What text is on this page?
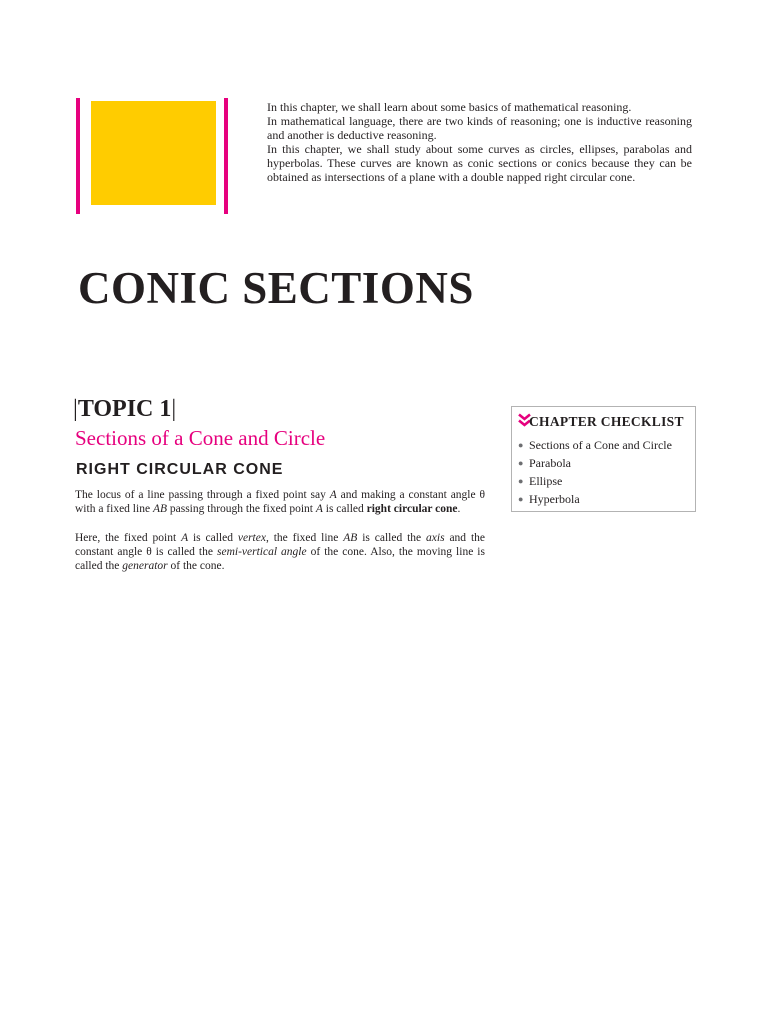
In this chapter, we shall learn about some basics of mathematical reasoning.

In mathematical language, there are two kinds of reasoning; one is inductive reasoning and another is deductive reasoning.

In this chapter, we shall study about some curves as circles, ellipses, parabolas and hyperbolas. These curves are known as conic sections or conics because they can be obtained as intersections of a plane with a double napped right circular cone.

CONIC SECTIONS
|TOPIC 1|
Sections of a Cone and Circle
RIGHT CIRCULAR CONE

The locus of a line passing through a fixed point say A and making a constant angle θ with a fixed line AB passing through the fixed point A is called right circular cone.

Here, the fixed point A is called vertex, the fixed line AB is called the axis and the constant angle θ is called the semi-vertical angle of the cone. Also, the moving line is called the generator of the cone.

CHAPTER CHECKLIST
● Sections of a Cone and Circle
● Parabola
● Ellipse
● Hyperbola
